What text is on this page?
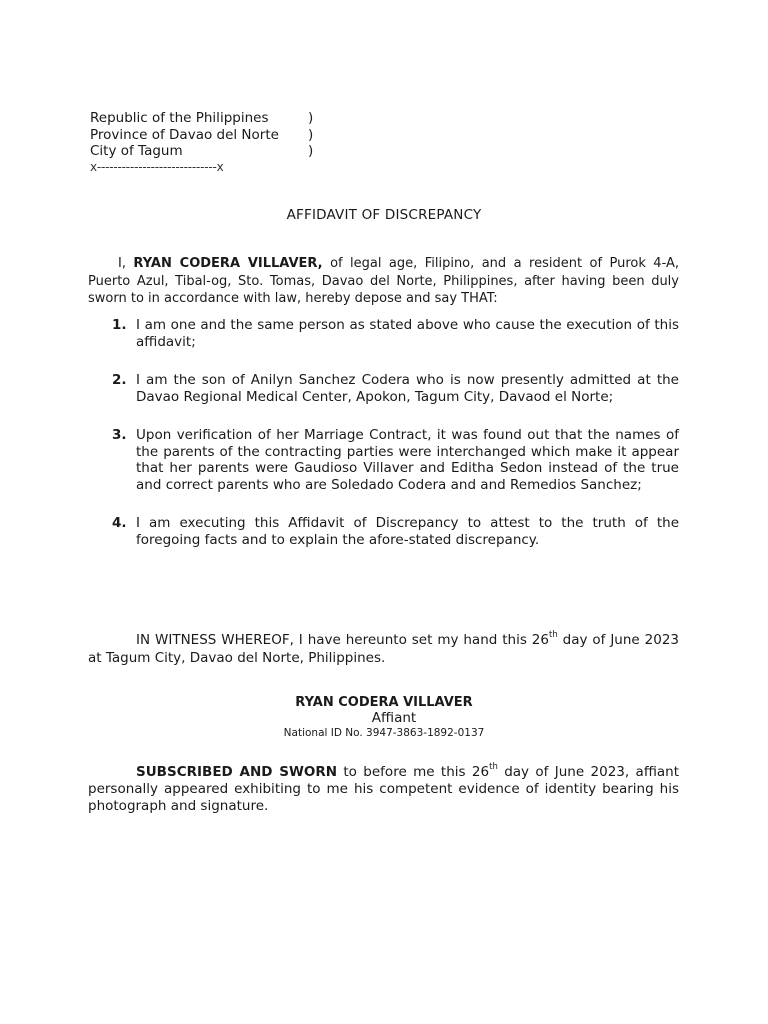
Republic of the Philippines	)
Province of Davao del Norte	)
City of Tagum	)
x-----------------------------x
AFFIDAVIT OF DISCREPANCY
I, RYAN CODERA VILLAVER, of legal age, Filipino, and a resident of Purok 4-A, Puerto Azul, Tibal-og, Sto. Tomas, Davao del Norte, Philippines, after having been duly sworn to in accordance with law, hereby depose and say THAT:
1. I am one and the same person as stated above who cause the execution of this affidavit;
2. I am the son of Anilyn Sanchez Codera who is now presently admitted at the Davao Regional Medical Center, Apokon, Tagum City, Davaod el Norte;
3. Upon verification of her Marriage Contract, it was found out that the names of the parents of the contracting parties were interchanged which make it appear that her parents were Gaudioso Villaver and Editha Sedon instead of the true and correct parents who are Soledado Codera and and Remedios Sanchez;
4. I am executing this Affidavit of Discrepancy to attest to the truth of the foregoing facts and to explain the afore-stated discrepancy.
IN WITNESS WHEREOF, I have hereunto set my hand this 26th day of June 2023 at Tagum City, Davao del Norte, Philippines.
RYAN CODERA VILLAVER
Affiant
National ID No. 3947-3863-1892-0137
SUBSCRIBED AND SWORN to before me this 26th day of June 2023, affiant personally appeared exhibiting to me his competent evidence of identity bearing his photograph and signature.
